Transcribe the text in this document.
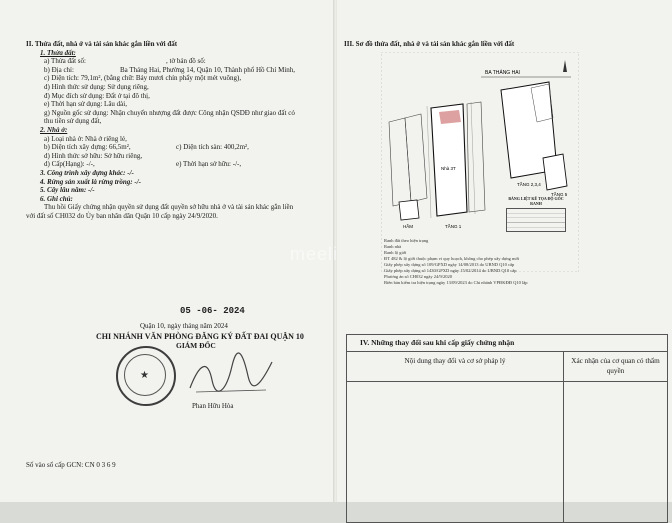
II. Thửa đất, nhà ở và tài sản khác gắn liền với đất
1. Thửa đất:
a) Thửa đất số:	, tờ bản đồ số:
b) Địa chỉ:	Ba Tháng Hai, Phường 14, Quận 10, Thành phố Hồ Chí Minh,
c) Diện tích: 79,1m², (bằng chữ: Bảy mươi chín phẩy một mét vuông),
d) Hình thức sử dụng: Sử dụng riêng,
đ) Mục đích sử dụng: Đất ở tại đô thị,
e) Thời hạn sử dụng: Lâu dài,
g) Nguồn gốc sử dụng: Nhận chuyển nhượng đất được Công nhận QSDĐ như giao đất có
thu tiền sử dụng đất,
2. Nhà ở:
a) Loại nhà ở: Nhà ở riêng lẻ,
b) Diện tích xây dựng: 66,5m²,	c) Diện tích sàn: 400,2m²,
d) Hình thức sở hữu: Sở hữu riêng,
d) Cấp(Hạng): -/-,	e) Thời hạn sở hữu: -/-,
3. Công trình xây dựng khác: -/-
4. Rừng sản xuất là rừng trồng: -/-
5. Cây lâu năm: -/-
6. Ghi chú:
Thu hồi Giấy chứng nhận quyền sử dụng đất quyền sở hữu nhà ở và tài sản khác gắn liền
với đất số CH032 do Ủy ban nhân dân Quận 10 cấp ngày 24/9/2020.
05 -06- 2024
Quận 10, ngày tháng năm 2024
CHI NHÁNH VĂN PHÒNG ĐĂNG KÝ ĐẤT ĐAI QUẬN 10
GIÁM ĐỐC
★
Phan Hữu Hòa
Số vào sổ cấp GCN: CN 0 3 6 9
III. Sơ đồ thửa đất, nhà ở và tài sản khác gắn liền với đất
BA THÁNG HAI
Nhà 3T
TẦNG 2,3,4
TẦNG 5
HẦM	TẦNG 1
BẢNG LIỆT KÊ TỌA ĐỘ GÓC RANH
Ranh đất theo hiện trạng
Ranh nhà
Ranh lộ giới
ĐT 482 & lộ giới thuộc phạm vi quy hoạch, không cho phép xây dựng mới
Giấy phép xây dựng số 109/GPXD ngày 14/08/2013 do UBND Q10 cấp
Giấy phép xây dựng số 1430/GPXD ngày 15/02/2014 do UBND Q10 cấp
Phương án số CH032 ngày 24/9/2020
Biên bản kiểm tra hiện trạng ngày 13/09/2023 do Chi nhánh VPĐKĐĐ Q10 lập
meeli
IV. Những thay đổi sau khi cấp giấy chứng nhận	

Nội dung thay đổi và cơ sở pháp lý	Xác nhận của cơ quan có thẩm quyền
